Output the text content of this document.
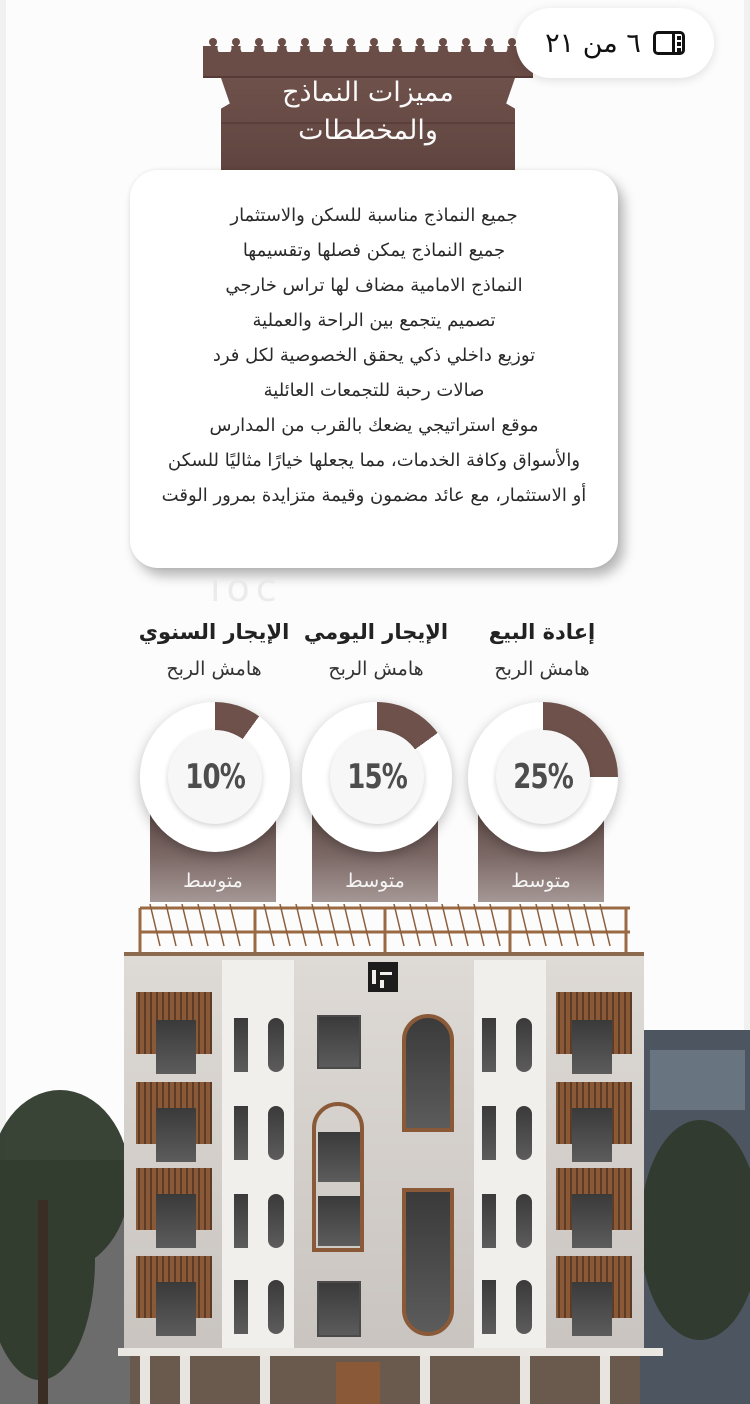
٦ من ٢١
مميزات النماذج
والمخططات
جميع النماذج مناسبة للسكن والاستثمار
جميع النماذج يمكن فصلها وتقسيمها
النماذج الامامية مضاف لها تراس خارجي
تصميم يتجمع بين الراحة والعملية
توزيع داخلي ذكي يحقق الخصوصية لكل فرد
صالات رحبة للتجمعات العائلية
موقع استراتيجي يضعك بالقرب من المدارس
والأسواق وكافة الخدمات، مما يجعلها خيارًا مثاليًا للسكن
أو الاستثمار، مع عائد مضمون وقيمة متزايدة بمرور الوقت
ıoc
إعادة البيع
هامش الربح
متوسط
25%
الإيجار اليومي
هامش الربح
متوسط
15%
الإيجار السنوي
هامش الربح
متوسط
10%
